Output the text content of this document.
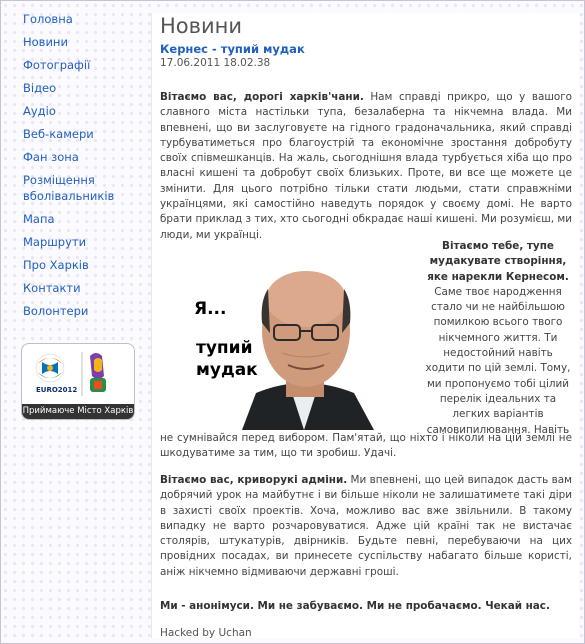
Головна
Новини
Фотографії
Відео
Аудіо
Веб-камери
Фан зона
Розміщення вболівальників
Мапа
Маршрути
Про Харків
Контакти
Волонтери
EURO2012
Приймаюче Місто Харків
Новини
Кернес - тупий мудак
17.06.2011 18.02.38

Вітаємо вас, дорогі харків'чани. Нам справді прикро, що у вашого славного міста настільки тупа, безалаберна та нікчемна влада. Ми впевнені, що ви заслуговуєте на гідного градоначальника, який справді турбуватиметься про благоустрій та економічне зростання добробуту своїх співмешканців. На жаль, сьогоднішня влада турбується хіба що про власні кишені та добробут своїх близьких. Проте, ви все ще можете це змінити. Для цього потрібно тільки стати людьми, стати справжніми українцями, які самостійно наведуть порядок у своєму домі. Не варто брати приклад з тих, хто сьогодні обкрадає наші кишені. Ми розумієш, ми люди, ми українці.

Я...
тупий
мудак
Вітаємо тебе, тупе мудакувате створіння, яке нарекли Кернесом. Саме твоє народження стало чи не найбільшою помилкою всього твого нікчемного життя. Ти недостойний навіть ходити по цій землі. Тому, ми пропонуємо тобі цілий перелік ідеальних та легких варіантів самовипилювання. Навіть

не сумнівайся перед вибором. Пам'ятай, що ніхто і ніколи на цій землі не шкодуватиме за тим, що ти зробиш. Удачі.

Вітаємо вас, криворукі адміни. Ми впевнені, що цей випадок дасть вам добрячий урок на майбутнє і ви більше ніколи не залишатимете такі діри в захисті своїх проектів. Хоча, можливо вас вже звільнили. В такому випадку не варто розчаровуватися. Адже цій країні так не вистачає столярів, штукатурів, двірників. Будьте певні, перебуваючи на цих провідних посадах, ви принесете суспільству набагато більше користі, аніж нікчемно відмиваючи державні гроші.

Ми - анонімуси. Ми не забуваємо. Ми не пробачаємо. Чекай нас.

Hacked by Uchan
